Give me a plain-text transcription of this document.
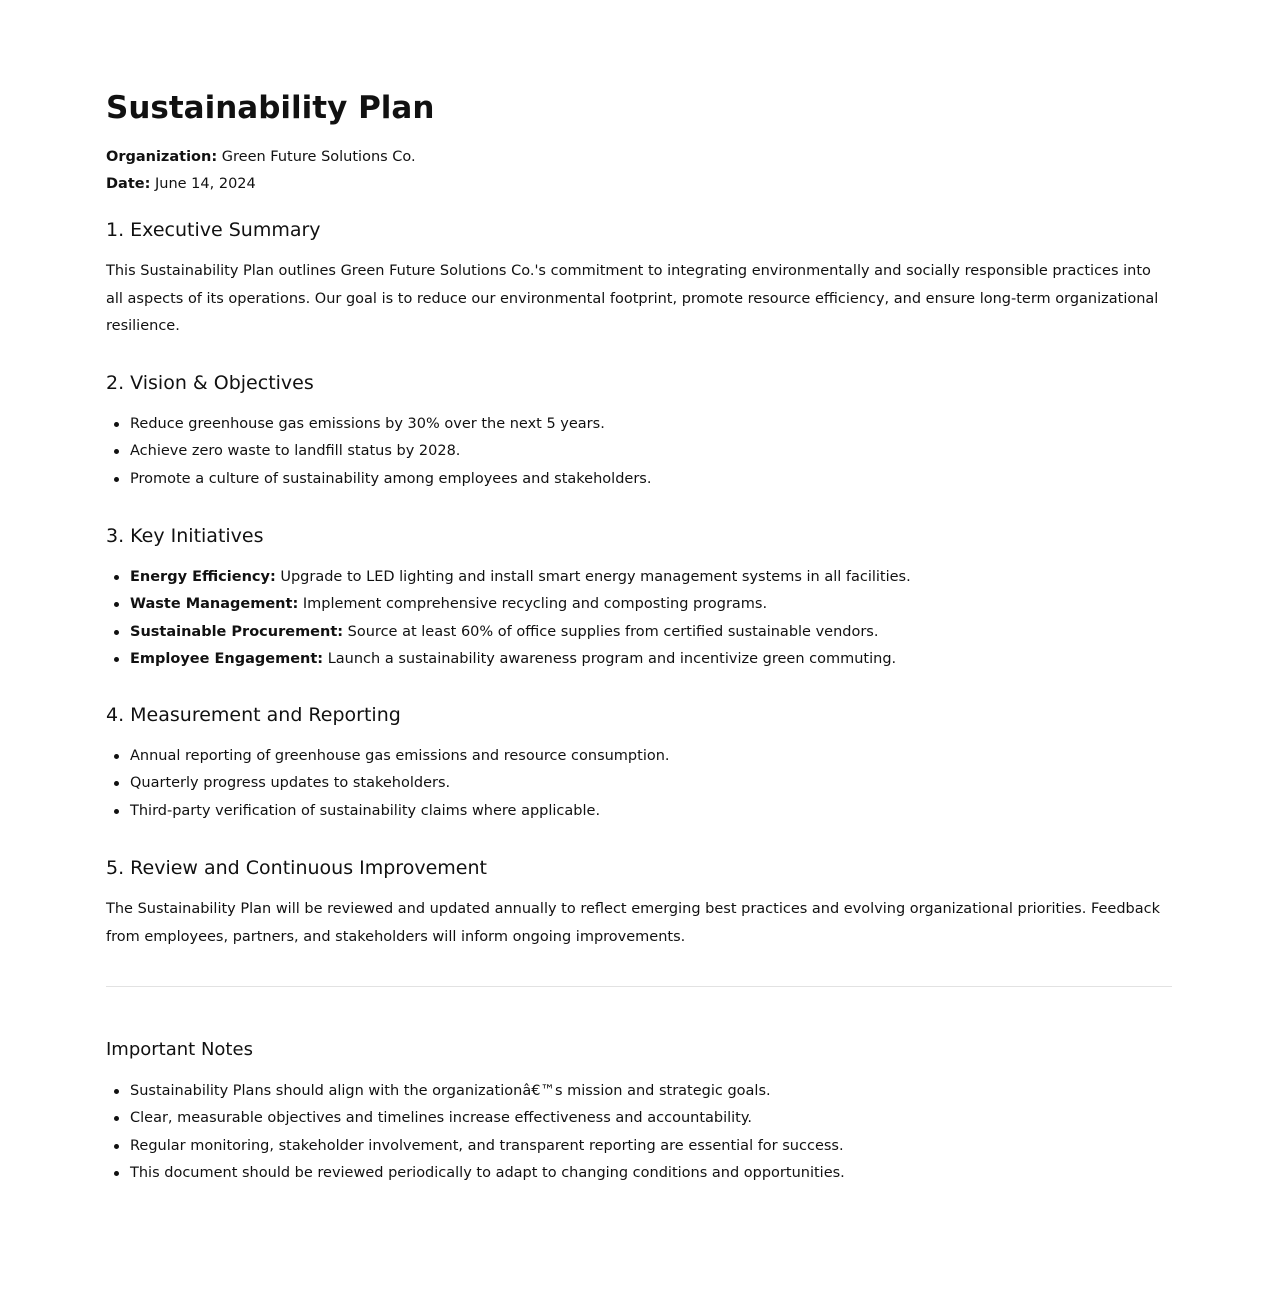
Sustainability Plan
Organization: Green Future Solutions Co.
Date: June 14, 2024
1. Executive Summary

This Sustainability Plan outlines Green Future Solutions Co.'s commitment to integrating environmentally and socially responsible practices into all aspects of its operations. Our goal is to reduce our environmental footprint, promote resource efficiency, and ensure long-term organizational resilience.

2. Vision & Objectives
Reduce greenhouse gas emissions by 30% over the next 5 years.
Achieve zero waste to landfill status by 2028.
Promote a culture of sustainability among employees and stakeholders.
3. Key Initiatives
Energy Efficiency: Upgrade to LED lighting and install smart energy management systems in all facilities.
Waste Management: Implement comprehensive recycling and composting programs.
Sustainable Procurement: Source at least 60% of office supplies from certified sustainable vendors.
Employee Engagement: Launch a sustainability awareness program and incentivize green commuting.
4. Measurement and Reporting
Annual reporting of greenhouse gas emissions and resource consumption.
Quarterly progress updates to stakeholders.
Third-party verification of sustainability claims where applicable.
5. Review and Continuous Improvement

The Sustainability Plan will be reviewed and updated annually to reflect emerging best practices and evolving organizational priorities. Feedback from employees, partners, and stakeholders will inform ongoing improvements.

Important Notes
Sustainability Plans should align with the organizationâ€™s mission and strategic goals.
Clear, measurable objectives and timelines increase effectiveness and accountability.
Regular monitoring, stakeholder involvement, and transparent reporting are essential for success.
This document should be reviewed periodically to adapt to changing conditions and opportunities.
